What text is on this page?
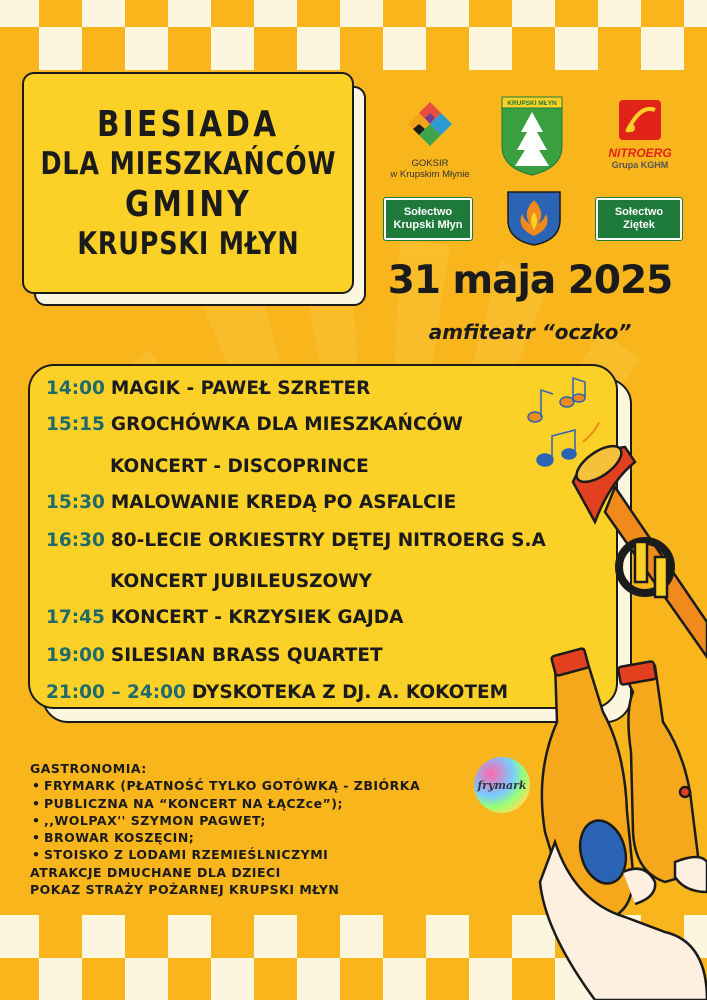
BIESIADA
DLA MIESZKAŃCÓW
GMINY
KRUPSKI MŁYN
GOKSIR
w Krupskim Młynie
KRUPSKI MŁYN
NITROERG
Grupa KGHM
Sołectwo
Krupski Młyn
Sołectwo
Ziętek
31 maja 2025
amfiteatr “oczko”
14:00 MAGIK - PAWEŁ SZRETER
15:15 GROCHÓWKA DLA MIESZKAŃCÓW
KONCERT - DISCOPRINCE
15:30 MALOWANIE KREDĄ PO ASFALCIE
16:30 80-LECIE ORKIESTRY DĘTEJ NITROERG S.A
KONCERT JUBILEUSZOWY
17:45 KONCERT - KRZYSIEK GAJDA
19:00 SILESIAN BRASS QUARTET
21:00 – 24:00 DYSKOTEKA Z DJ. A. KOKOTEM
GASTRONOMIA:
• FRYMARK (PŁATNOŚĆ TYLKO GOTÓWKĄ - ZBIÓRKA
• PUBLICZNA NA “KONCERT NA ŁĄCZce”);
• ,,WOLPAX'' SZYMON PAGWET;
• BROWAR KOSZĘCIN;
• STOISKO Z LODAMI RZEMIEŚLNICZYMI
ATRAKCJE DMUCHANE DLA DZIECI
POKAZ STRAŻY POŻARNEJ KRUPSKI MŁYN
frymark
